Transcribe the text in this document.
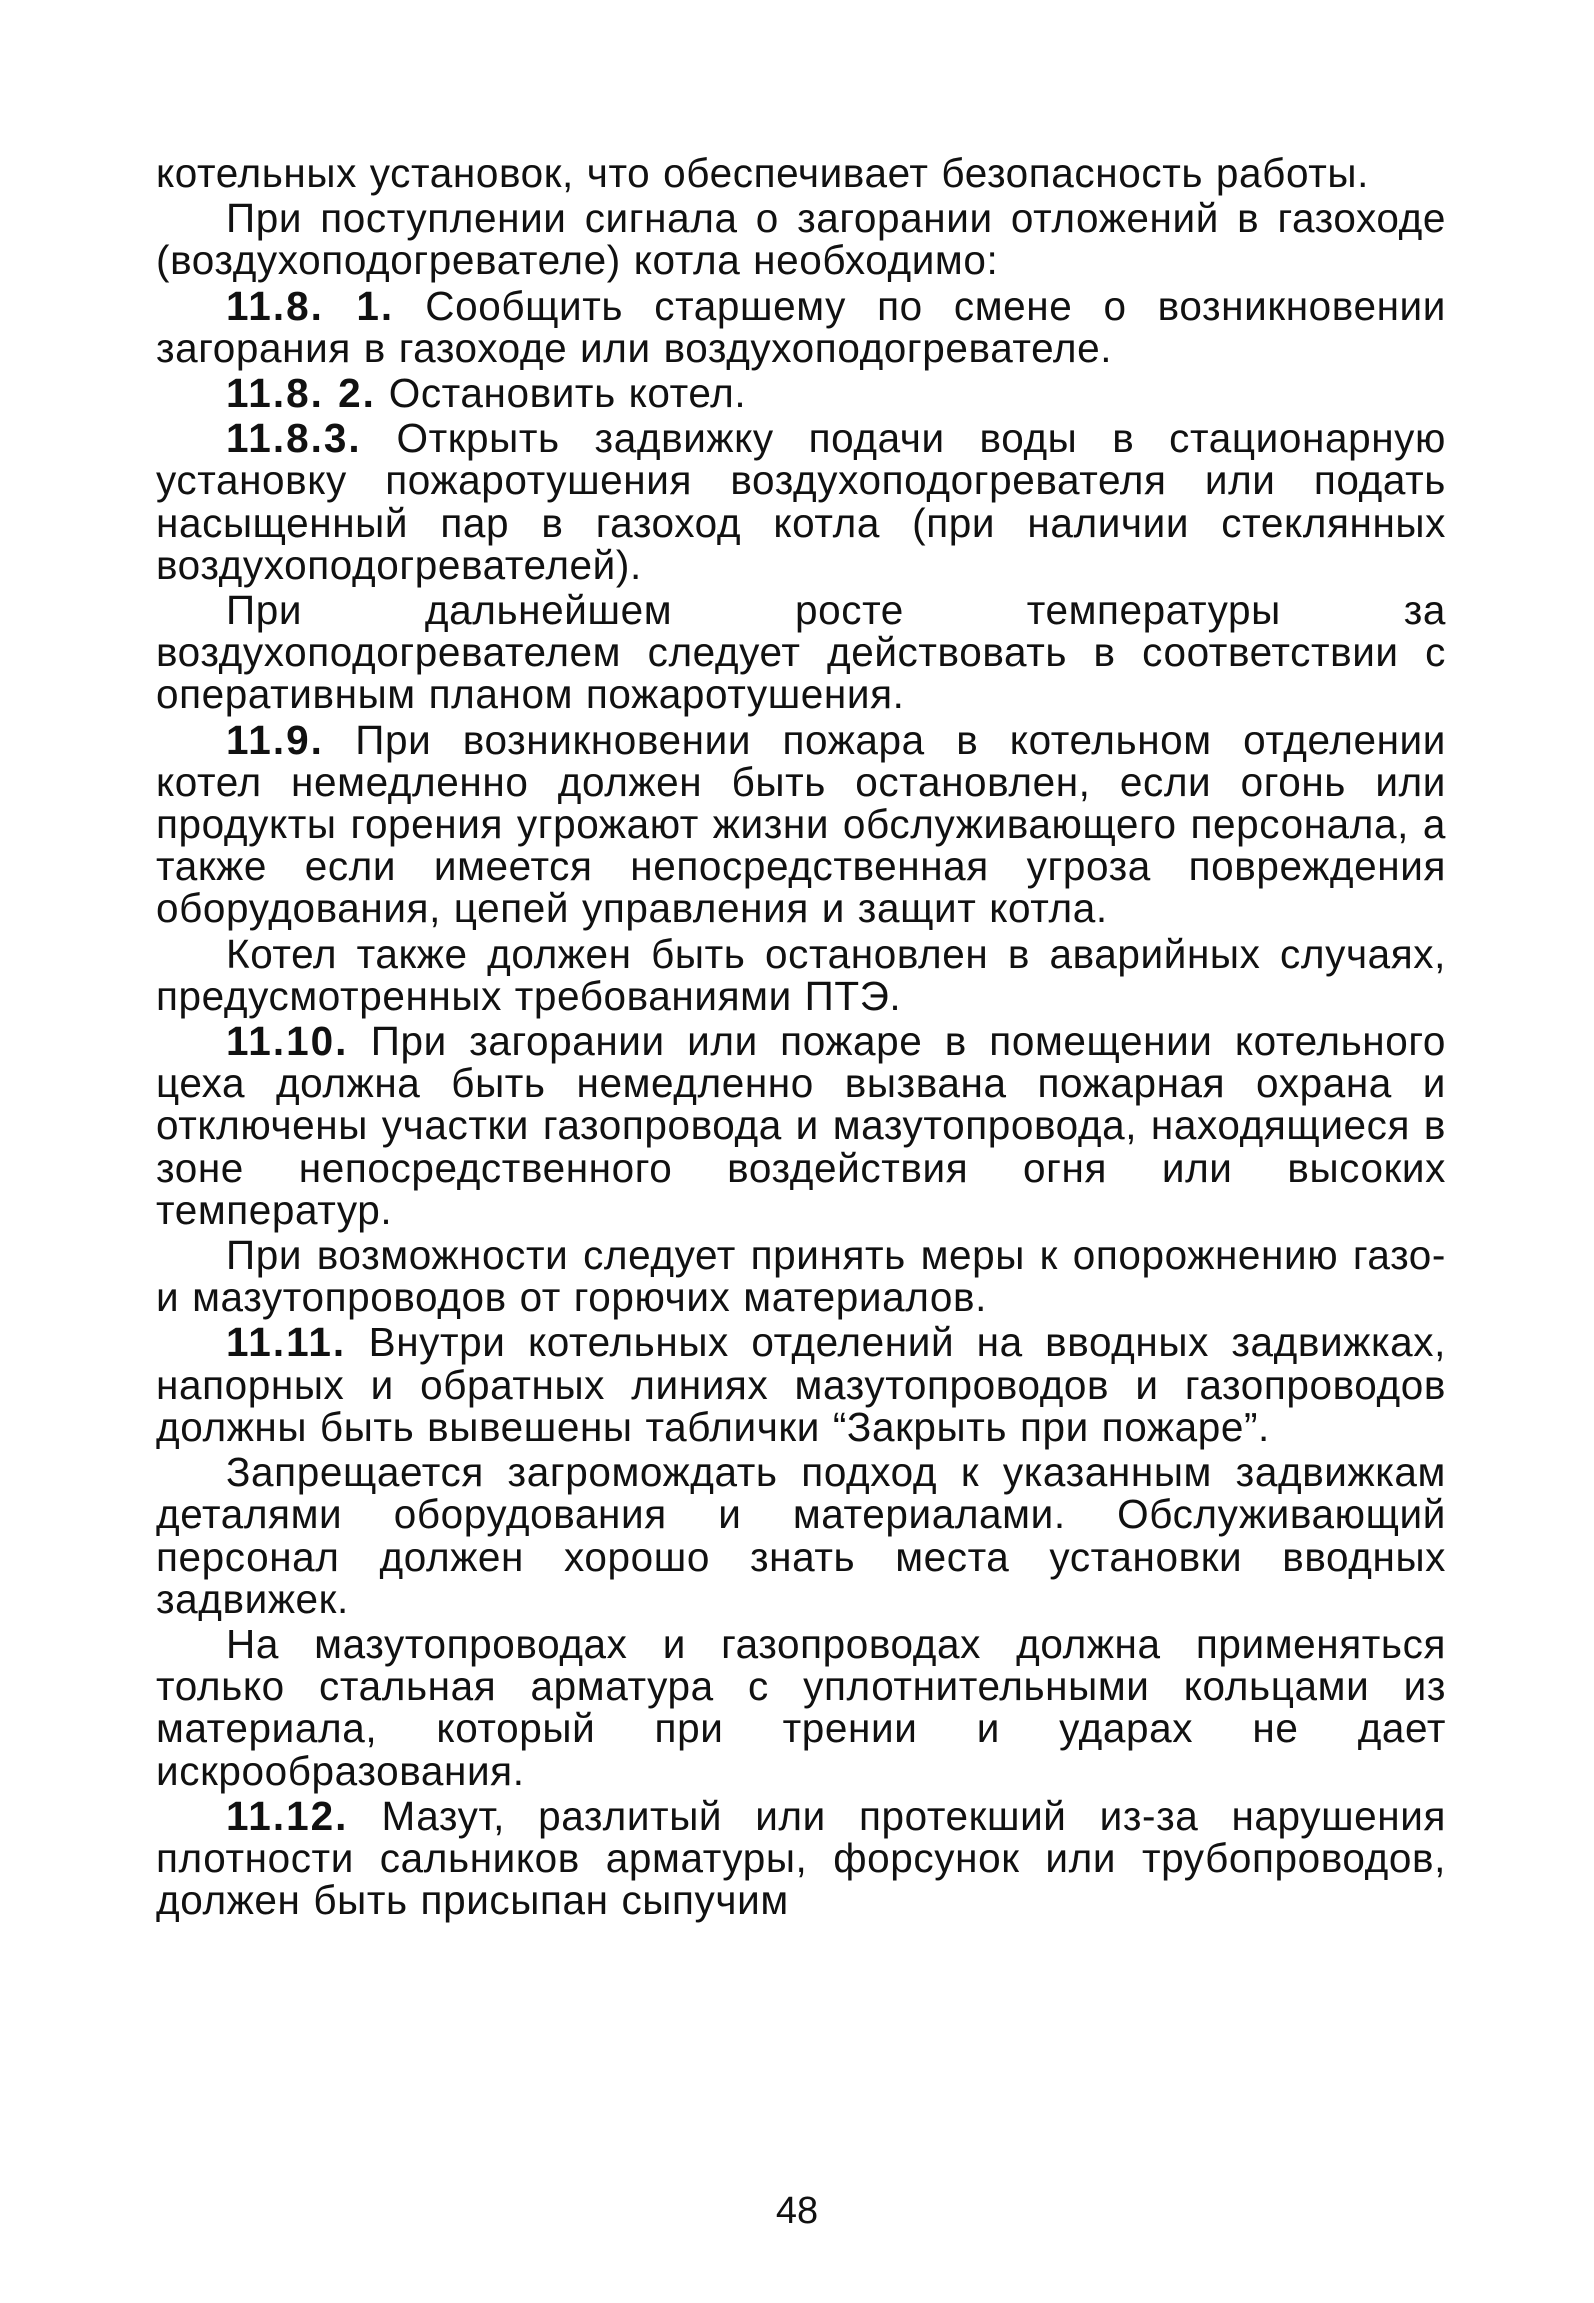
котельных установок, что обеспечивает безопасность работы.

При поступлении сигнала о загорании отложений в газоходе (воздухоподогревателе) котла необходимо:

11.8. 1. Сообщить старшему по смене о возникновении загорания в газоходе или воздухоподогревателе.

11.8. 2. Остановить котел.

11.8.3. Открыть задвижку подачи воды в стационарную установку пожаротушения воздухоподогревателя или подать насыщенный пар в газоход котла (при наличии стеклянных воздухоподогревателей).

При дальнейшем росте температуры за воздухоподогревателем следует действовать в соответствии с оперативным планом пожаротушения.

11.9. При возникновении пожара в котельном отделении котел немедленно должен быть остановлен, если огонь или продукты горения угрожают жизни обслуживающего персонала, а также если имеется непосредственная угроза повреждения оборудования, цепей управления и защит котла.

Котел также должен быть остановлен в аварийных случаях, предусмотренных требованиями ПТЭ.

11.10. При загорании или пожаре в помещении котельного цеха должна быть немедленно вызвана пожарная охрана и отключены участки газопровода и мазутопровода, находящиеся в зоне непосредственного воздействия огня или высоких температур.

При возможности следует принять меры к опорожнению газо- и мазутопроводов от горючих материалов.

11.11. Внутри котельных отделений на вводных задвижках, напорных и обратных линиях мазутопроводов и газопроводов должны быть вывешены таблички “Закрыть при пожаре”.

Запрещается загромождать подход к указанным задвижкам деталями оборудования и материалами. Обслуживающий персонал должен хорошо знать места установки вводных задвижек.

На мазутопроводах и газопроводах должна применяться только стальная арматура с уплотнительными кольцами из материала, который при трении и ударах не дает искрообразования.

11.12. Мазут, разлитый или протекший из-за нарушения плотности сальников арматуры, форсунок или трубопроводов, должен быть присыпан сыпучим

48
